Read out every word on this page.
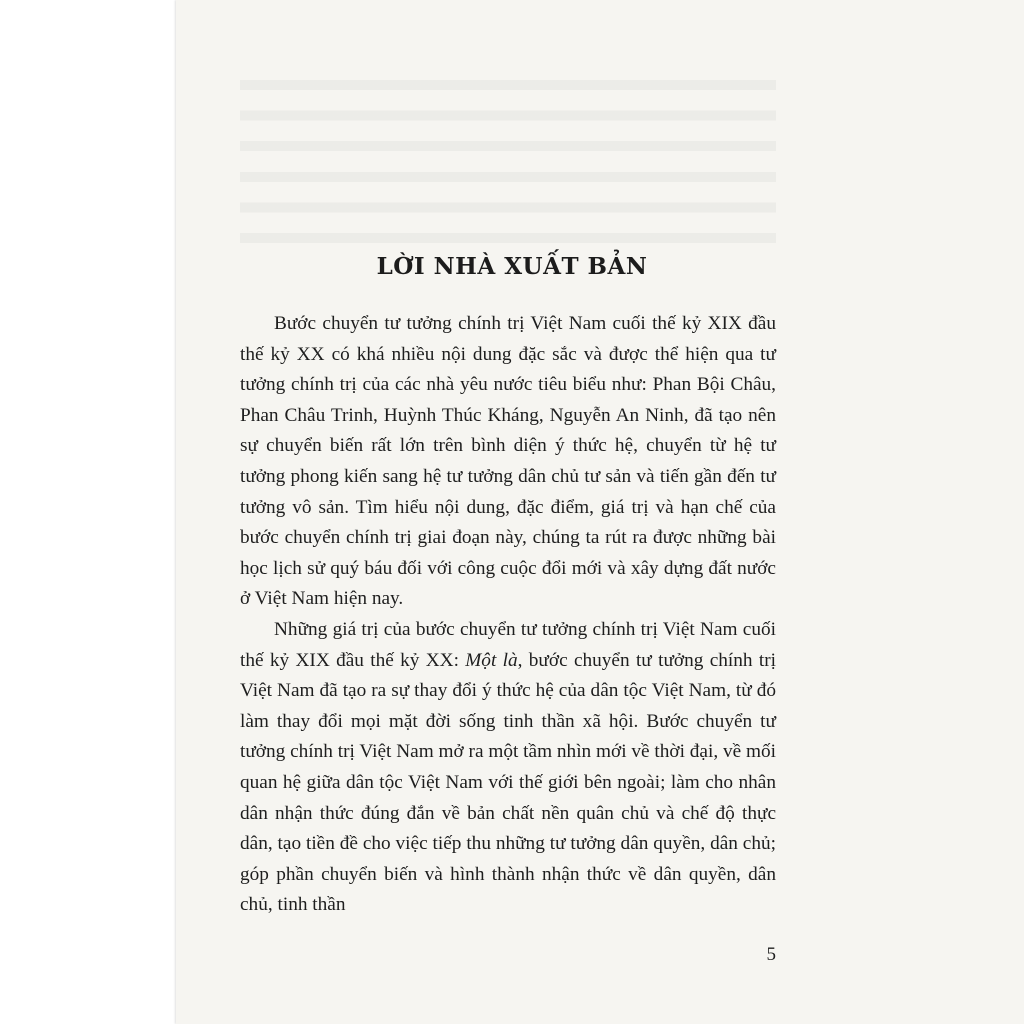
LỜI NHÀ XUẤT BẢN

Bước chuyển tư tưởng chính trị Việt Nam cuối thế kỷ XIX đầu thế kỷ XX có khá nhiều nội dung đặc sắc và được thể hiện qua tư tưởng chính trị của các nhà yêu nước tiêu biểu như: Phan Bội Châu, Phan Châu Trinh, Huỳnh Thúc Kháng, Nguyễn An Ninh, đã tạo nên sự chuyển biến rất lớn trên bình diện ý thức hệ, chuyển từ hệ tư tưởng phong kiến sang hệ tư tưởng dân chủ tư sản và tiến gần đến tư tưởng vô sản. Tìm hiểu nội dung, đặc điểm, giá trị và hạn chế của bước chuyển chính trị giai đoạn này, chúng ta rút ra được những bài học lịch sử quý báu đối với công cuộc đổi mới và xây dựng đất nước ở Việt Nam hiện nay.

Những giá trị của bước chuyển tư tưởng chính trị Việt Nam cuối thế kỷ XIX đầu thế kỷ XX: Một là, bước chuyển tư tưởng chính trị Việt Nam đã tạo ra sự thay đổi ý thức hệ của dân tộc Việt Nam, từ đó làm thay đổi mọi mặt đời sống tinh thần xã hội. Bước chuyển tư tưởng chính trị Việt Nam mở ra một tầm nhìn mới về thời đại, về mối quan hệ giữa dân tộc Việt Nam với thế giới bên ngoài; làm cho nhân dân nhận thức đúng đắn về bản chất nền quân chủ và chế độ thực dân, tạo tiền đề cho việc tiếp thu những tư tưởng dân quyền, dân chủ; góp phần chuyển biến và hình thành nhận thức về dân quyền, dân chủ, tinh thần

5
